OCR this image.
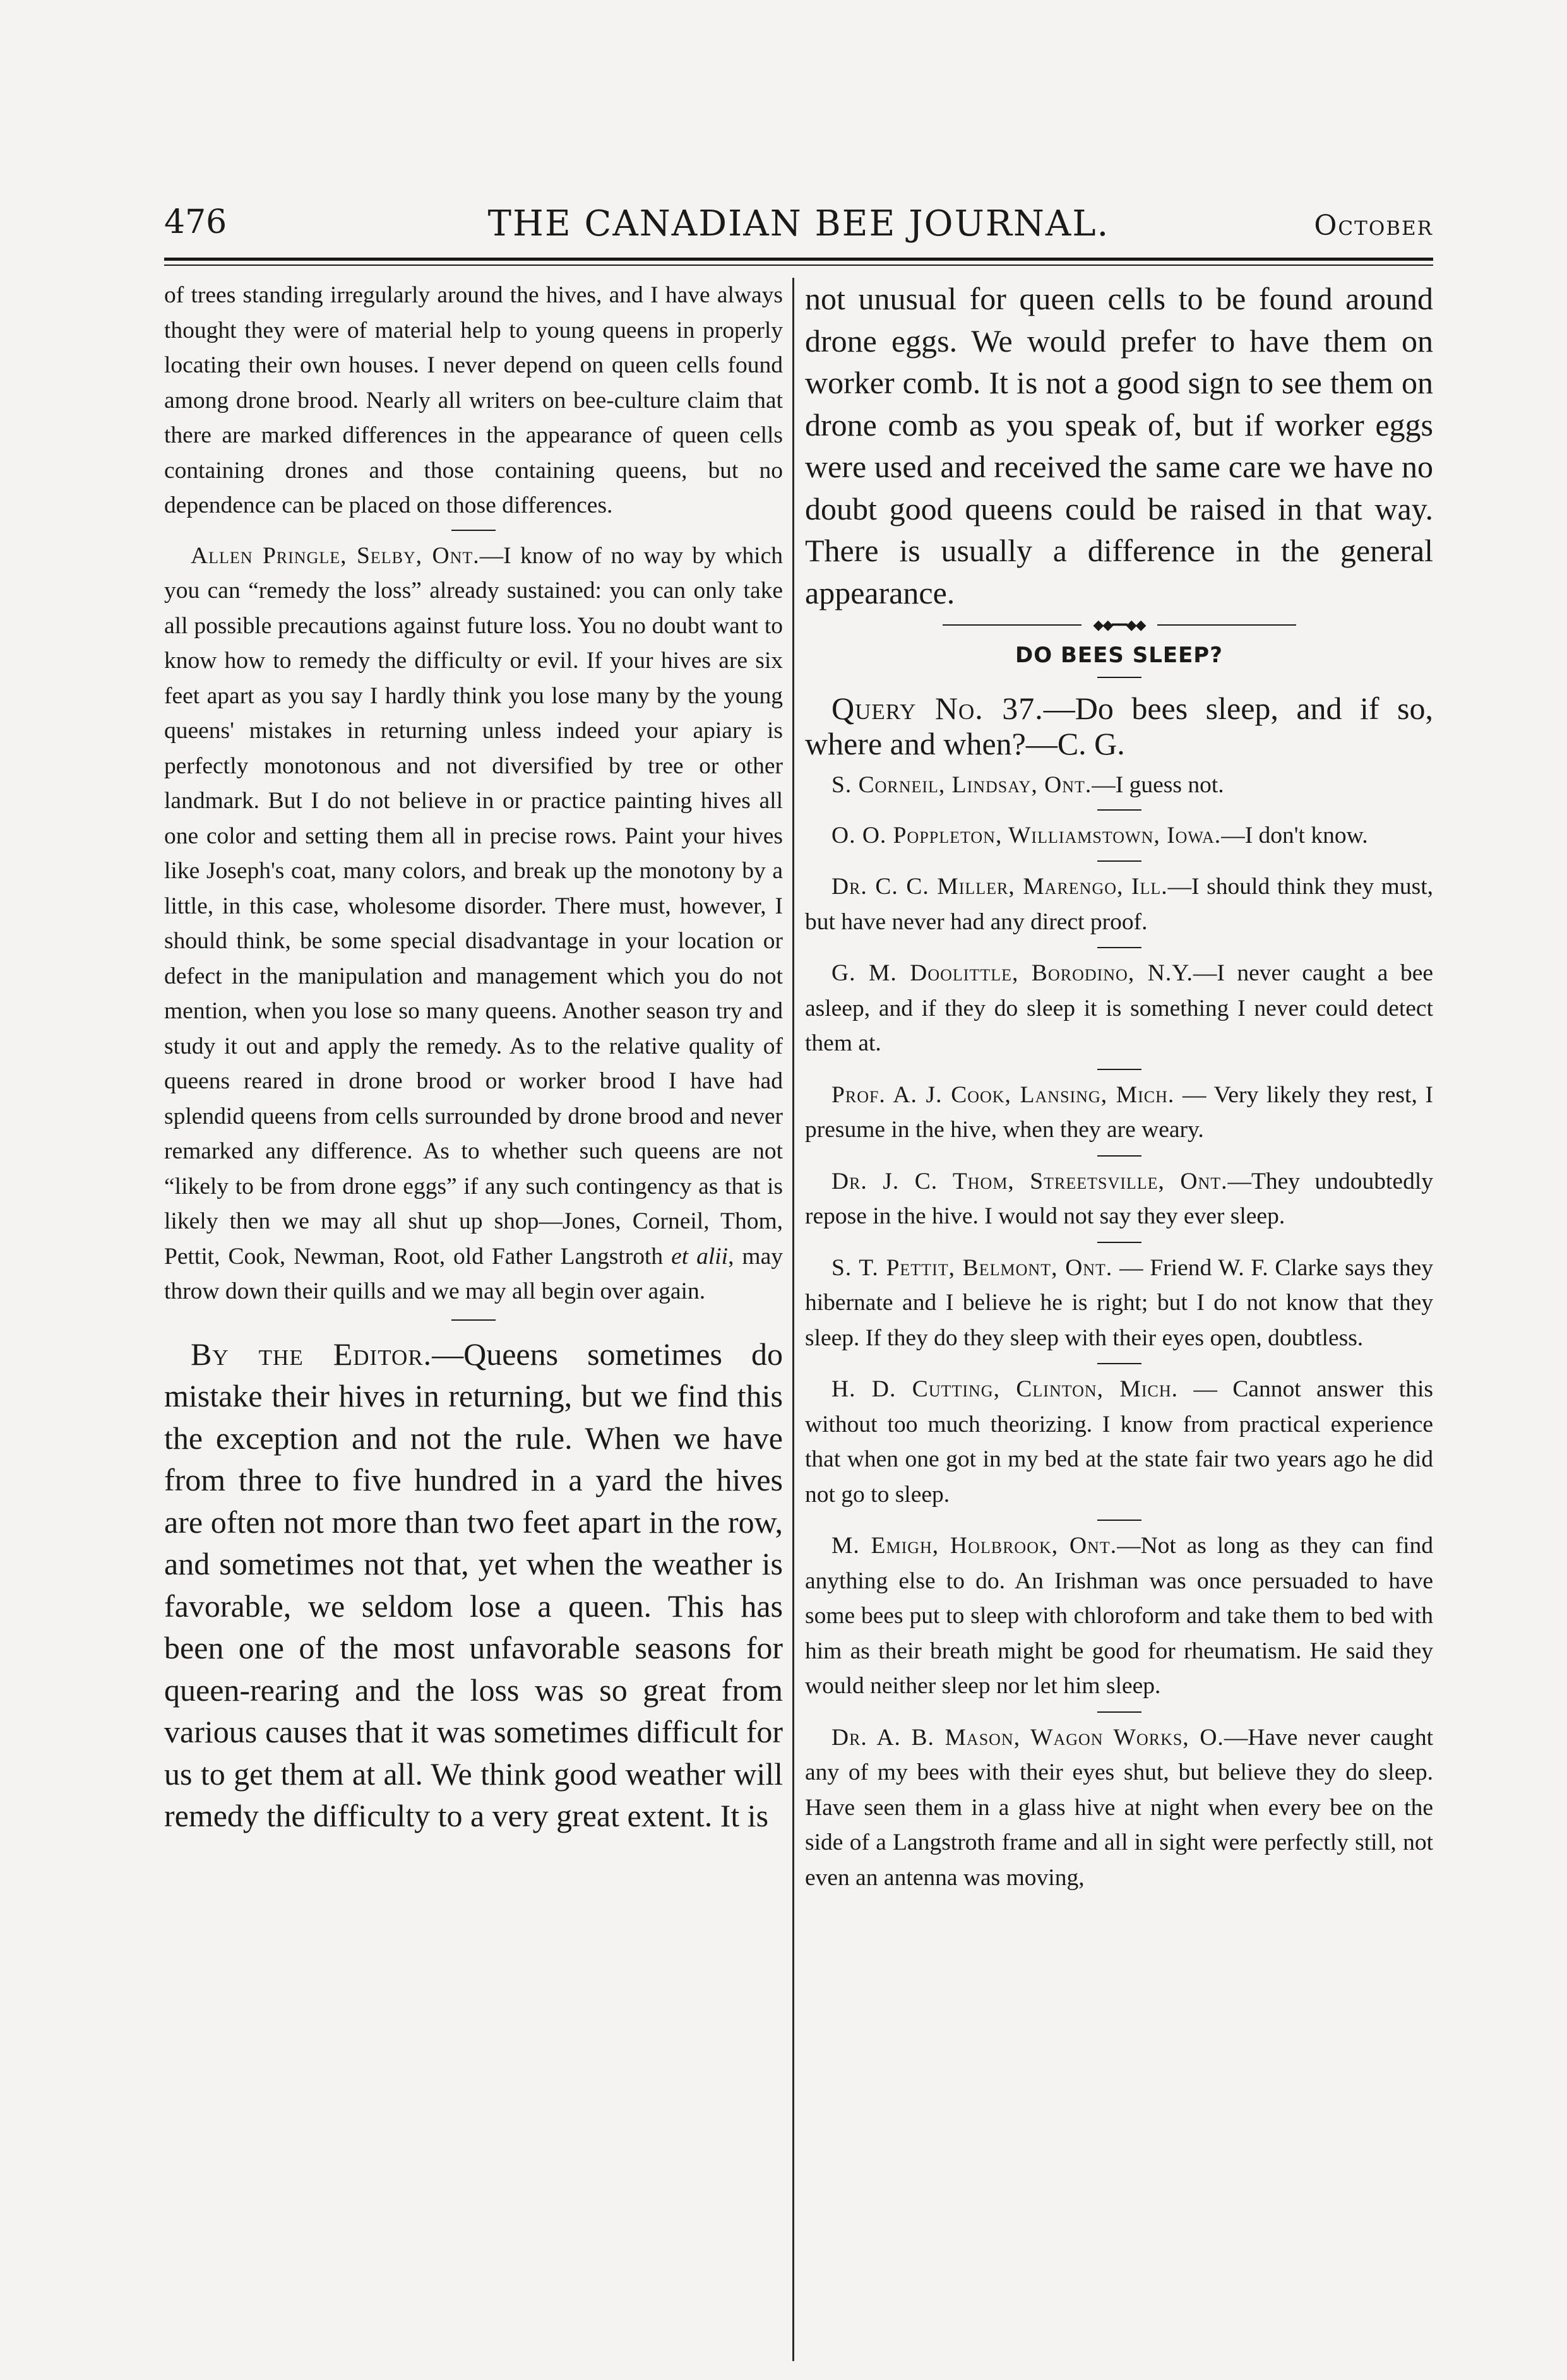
476	THE CANADIAN BEE JOURNAL.	October

of trees standing irregularly around the hives, and I have always thought they were of material help to young queens in properly locating their own houses. I never depend on queen cells found among drone brood. Nearly all writers on bee-culture claim that there are marked differences in the appearance of queen cells containing drones and those containing queens, but no dependence can be placed on those differences.

Allen Pringle, Selby, Ont.—I know of no way by which you can “remedy the loss” already sustained: you can only take all possible precautions against future loss. You no doubt want to know how to remedy the difficulty or evil. If your hives are six feet apart as you say I hardly think you lose many by the young queens' mistakes in returning unless indeed your apiary is perfectly monotonous and not diversified by tree or other landmark. But I do not believe in or practice painting hives all one color and setting them all in precise rows. Paint your hives like Joseph's coat, many colors, and break up the monotony by a little, in this case, wholesome disorder. There must, however, I should think, be some special disadvantage in your location or defect in the manipulation and management which you do not mention, when you lose so many queens. Another season try and study it out and apply the remedy. As to the relative quality of queens reared in drone brood or worker brood I have had splendid queens from cells surrounded by drone brood and never remarked any difference. As to whether such queens are not “likely to be from drone eggs” if any such contingency as that is likely then we may all shut up shop—Jones, Corneil, Thom, Pettit, Cook, Newman, Root, old Father Langstroth et alii, may throw down their quills and we may all begin over again.

By the Editor.—Queens sometimes do mistake their hives in returning, but we find this the exception and not the rule. When we have from three to five hundred in a yard the hives are often not more than two feet apart in the row, and sometimes not that, yet when the weather is favorable, we seldom lose a queen. This has been one of the most unfavorable seasons for queen-rearing and the loss was so great from various causes that it was sometimes difficult for us to get them at all. We think good weather will remedy the difficulty to a very great extent. It is

not unusual for queen cells to be found around drone eggs. We would prefer to have them on worker comb. It is not a good sign to see them on drone comb as you speak of, but if worker eggs were used and received the same care we have no doubt good queens could be raised in that way. There is usually a difference in the general appearance.

◆◆━━◆◆
DO BEES SLEEP?

Query No. 37.—Do bees sleep, and if so, where and when?—C. G.

S. Corneil, Lindsay, Ont.—I guess not.

O. O. Poppleton, Williamstown, Iowa.—I don't know.

Dr. C. C. Miller, Marengo, Ill.—I should think they must, but have never had any direct proof.

G. M. Doolittle, Borodino, N.Y.—I never caught a bee asleep, and if they do sleep it is something I never could detect them at.

Prof. A. J. Cook, Lansing, Mich. — Very likely they rest, I presume in the hive, when they are weary.

Dr. J. C. Thom, Streetsville, Ont.—They undoubtedly repose in the hive. I would not say they ever sleep.

S. T. Pettit, Belmont, Ont. — Friend W. F. Clarke says they hibernate and I believe he is right; but I do not know that they sleep. If they do they sleep with their eyes open, doubtless.

H. D. Cutting, Clinton, Mich. — Cannot answer this without too much theorizing. I know from practical experience that when one got in my bed at the state fair two years ago he did not go to sleep.

M. Emigh, Holbrook, Ont.—Not as long as they can find anything else to do. An Irishman was once persuaded to have some bees put to sleep with chloroform and take them to bed with him as their breath might be good for rheumatism. He said they would neither sleep nor let him sleep.

Dr. A. B. Mason, Wagon Works, O.—Have never caught any of my bees with their eyes shut, but believe they do sleep. Have seen them in a glass hive at night when every bee on the side of a Langstroth frame and all in sight were perfectly still, not even an antenna was moving,
